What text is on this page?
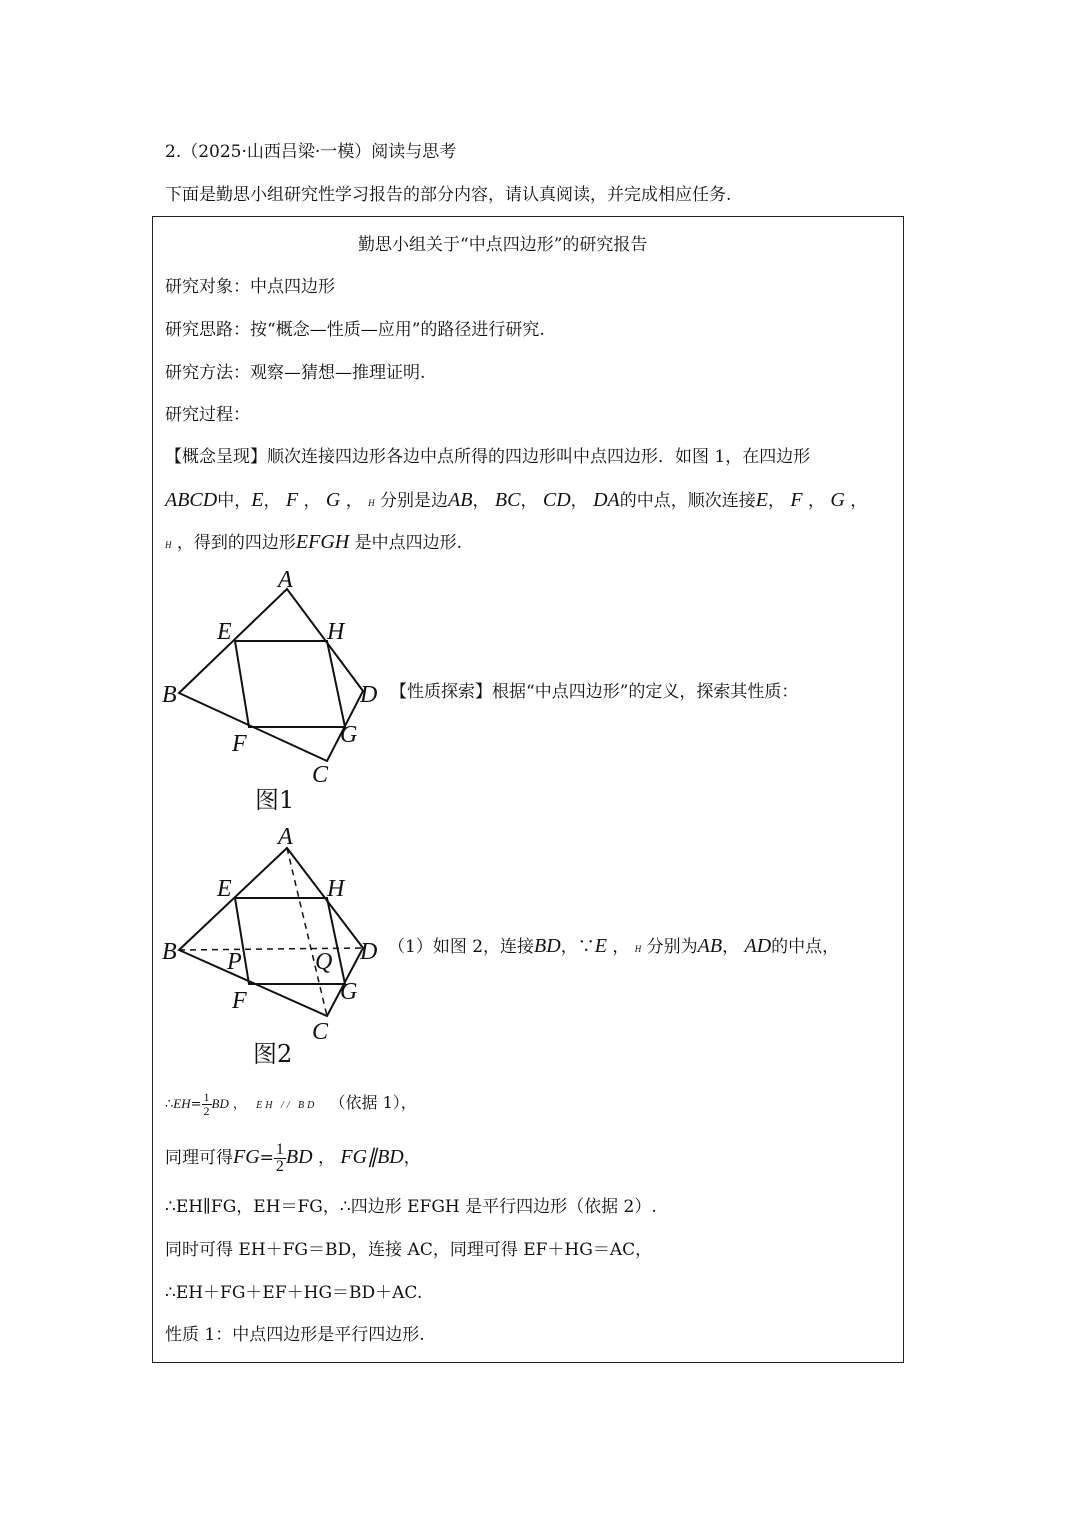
2.（2025·山西吕梁·一模）阅读与思考
下面是勤思小组研究性学习报告的部分内容，请认真阅读，并完成相应任务.
勤思小组关于“中点四边形”的研究报告
研究对象：中点四边形
研究思路：按“概念—性质—应用”的路径进行研究.
研究方法：观察—猜想—推理证明.
研究过程：
【概念呈现】顺次连接四边形各边中点所得的四边形叫中点四边形．如图 1，在四边形
ABCD中，E， F ， G ， H 分别是边AB， BC， CD， DA的中点，顺次连接E， F ， G ，
H ，得到的四边形EFGH 是中点四边形.
A
E	H
B	D
F	G
C
图1
【性质探索】根据“中点四边形”的定义，探索其性质：
A
E	H
B	D
P	Q
F	G
C
图2
（1）如图 2，连接BD，∵E ， H 分别为AB， AD的中点，
∴EH= $\frac{1}{2}$ BD ， EH // BD （依据 1），
同理可得$FG= \frac{1}{2}$ BD ， FG∥BD，
∴EH∥FG，EH＝FG，∴四边形 EFGH 是平行四边形（依据 2）.
同时可得 EH＋FG＝BD，连接 AC，同理可得 EF＋HG＝AC，
∴EH＋FG＋EF＋HG＝BD＋AC.
性质 1：中点四边形是平行四边形.
